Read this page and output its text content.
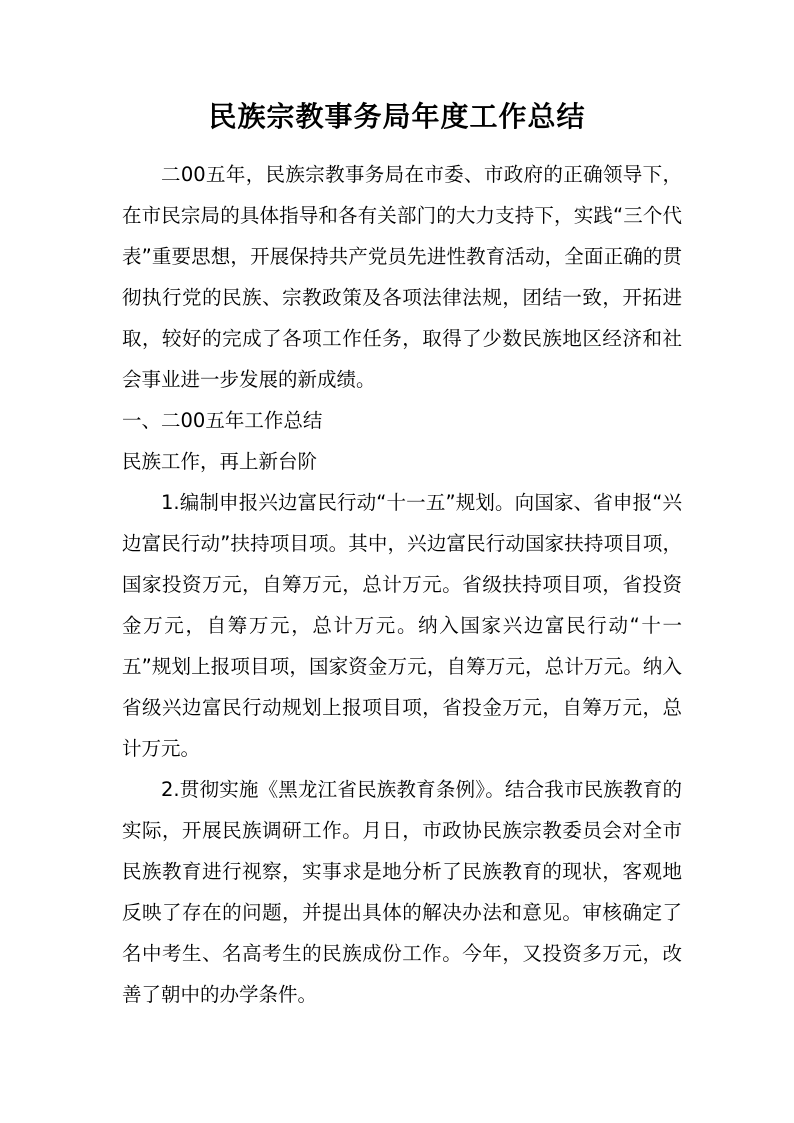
民族宗教事务局年度工作总结

二00五年，民族宗教事务局在市委、市政府的正确领导下，在市民宗局的具体指导和各有关部门的大力支持下，实践“三个代表”重要思想，开展保持共产党员先进性教育活动，全面正确的贯彻执行党的民族、宗教政策及各项法律法规，团结一致，开拓进取，较好的完成了各项工作任务，取得了少数民族地区经济和社会事业进一步发展的新成绩。

一、二00五年工作总结

民族工作，再上新台阶

1.编制申报兴边富民行动“十一五”规划。向国家、省申报“兴边富民行动”扶持项目项。其中，兴边富民行动国家扶持项目项，国家投资万元，自筹万元，总计万元。省级扶持项目项，省投资金万元，自筹万元，总计万元。纳入国家兴边富民行动“十一五”规划上报项目项，国家资金万元，自筹万元，总计万元。纳入省级兴边富民行动规划上报项目项，省投金万元，自筹万元，总计万元。

2.贯彻实施《黑龙江省民族教育条例》。结合我市民族教育的实际，开展民族调研工作。月日，市政协民族宗教委员会对全市民族教育进行视察，实事求是地分析了民族教育的现状，客观地反映了存在的问题，并提出具体的解决办法和意见。审核确定了名中考生、名高考生的民族成份工作。今年，又投资多万元，改善了朝中的办学条件。
